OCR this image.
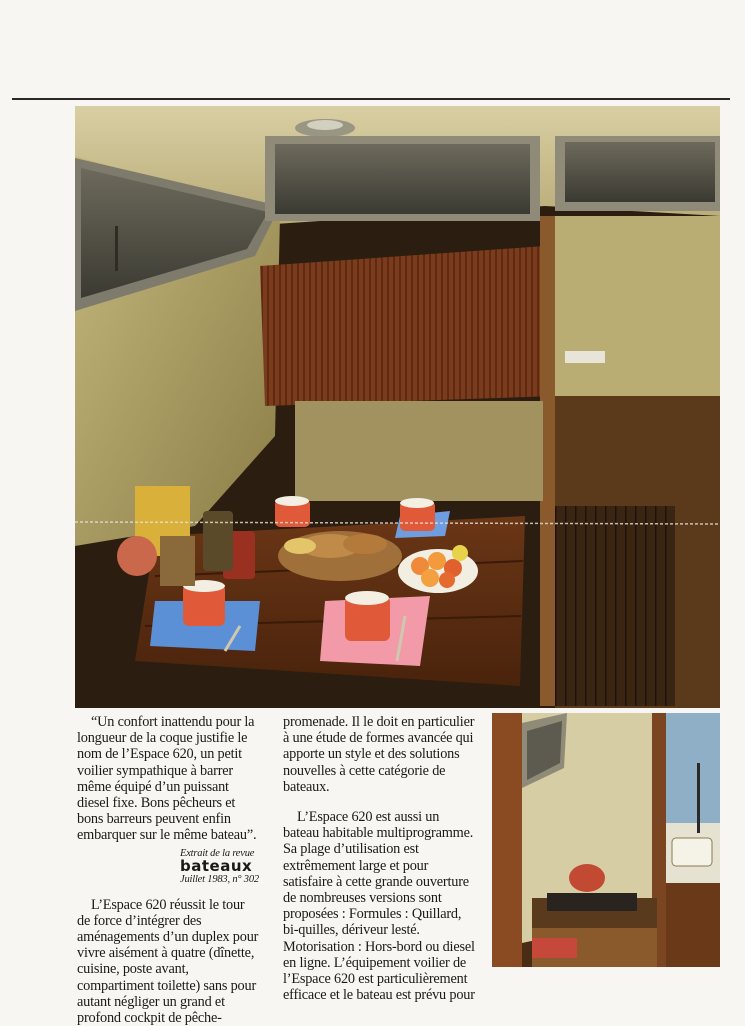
“Un confort inattendu pour la longueur de la coque justifie le nom de l’Espace 620, un petit voilier sympathique à barrer même équipé d’un puissant diesel fixe. Bons pêcheurs et bons barreurs peuvent enfin embarquer sur le même bateau”.

Extrait de la revue
bateaux
Juillet 1983, n° 302

L’Espace 620 réussit le tour de force d’intégrer des aménagements d’un duplex pour vivre aisément à quatre (dînette, cuisine, poste avant, compartiment toilette) sans pour autant négliger un grand et profond cockpit de pêche-

promenade. Il le doit en particulier à une étude de formes avancée qui apporte un style et des solutions nouvelles à cette catégorie de bateaux.

L’Espace 620 est aussi un bateau habitable multiprogramme. Sa plage d’utilisation est extrêmement large et pour satisfaire à cette grande ouverture de nombreuses versions sont proposées : Formules : Quillard, bi-quilles, dériveur lesté. Motorisation : Hors-bord ou diesel en ligne. L’équipement voilier de l’Espace 620 est particulièrement efficace et le bateau est prévu pour
